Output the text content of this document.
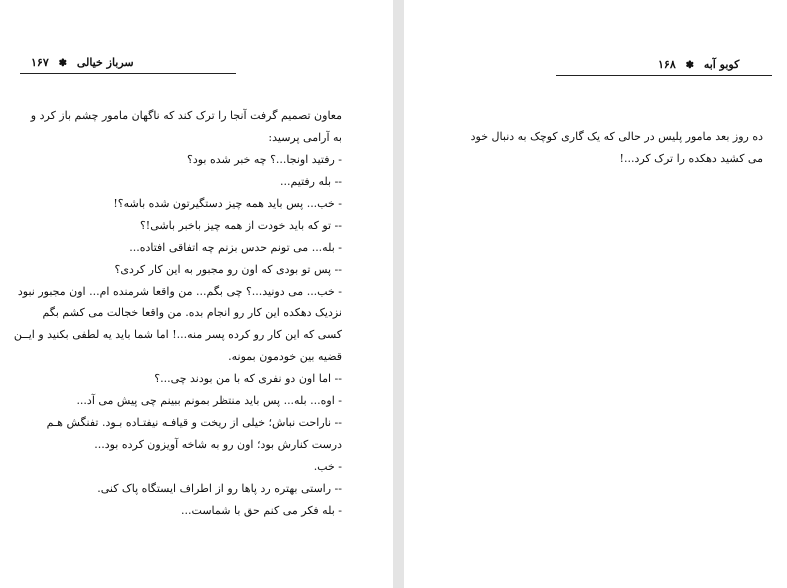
سرباز خیالی ✽ ۱۶۷
معاون تصمیم گرفت آنجا را ترک کند که ناگهان مامور چشم باز کرد و
به آرامی پرسید:
- رفتید اونجا...؟ چه خبر شده بود؟
-- بله رفتیم...
- خب... پس باید همه چیز دستگیرتون شده باشه؟!
-- تو که باید خودت از همه چیز باخبر باشی!؟
- بله... می تونم حدس بزنم چه اتفاقی افتاده...
-- پس تو بودی که اون رو مجبور به این کار کردی؟
- خب... می دونید...؟ چی بگم... من واقعا شرمنده ام... اون مجبور نبود
نزدیک دهکده این کار رو انجام بده. من واقعا خجالت می کشم بگم
کسی که این کار رو کرده پسر منه...! اما شما باید یه لطفی بکنید و ایــن
قضیه بین خودمون بمونه.
-- اما اون دو نفری که با من بودند چی...؟
- اوه... بله... پس باید منتظر بمونم ببینم چی پیش می آد...
-- ناراحت نباش؛ خیلی از ریخت و قیافـه نیفتـاده بـود. تفنگش هـم
درست کنارش بود؛ اون رو به شاخه آویزون کرده بود...
- خب.
-- راستی بهتره رد پاها رو از اطراف ایستگاه پاک کنی.
- بله فکر می کنم حق با شماست...
کوبو آبه ✽ ۱۶۸
ده روز بعد مامور پلیس در حالی که یک گاری کوچک به دنبال خود
می کشید دهکده را ترک کرد...!
